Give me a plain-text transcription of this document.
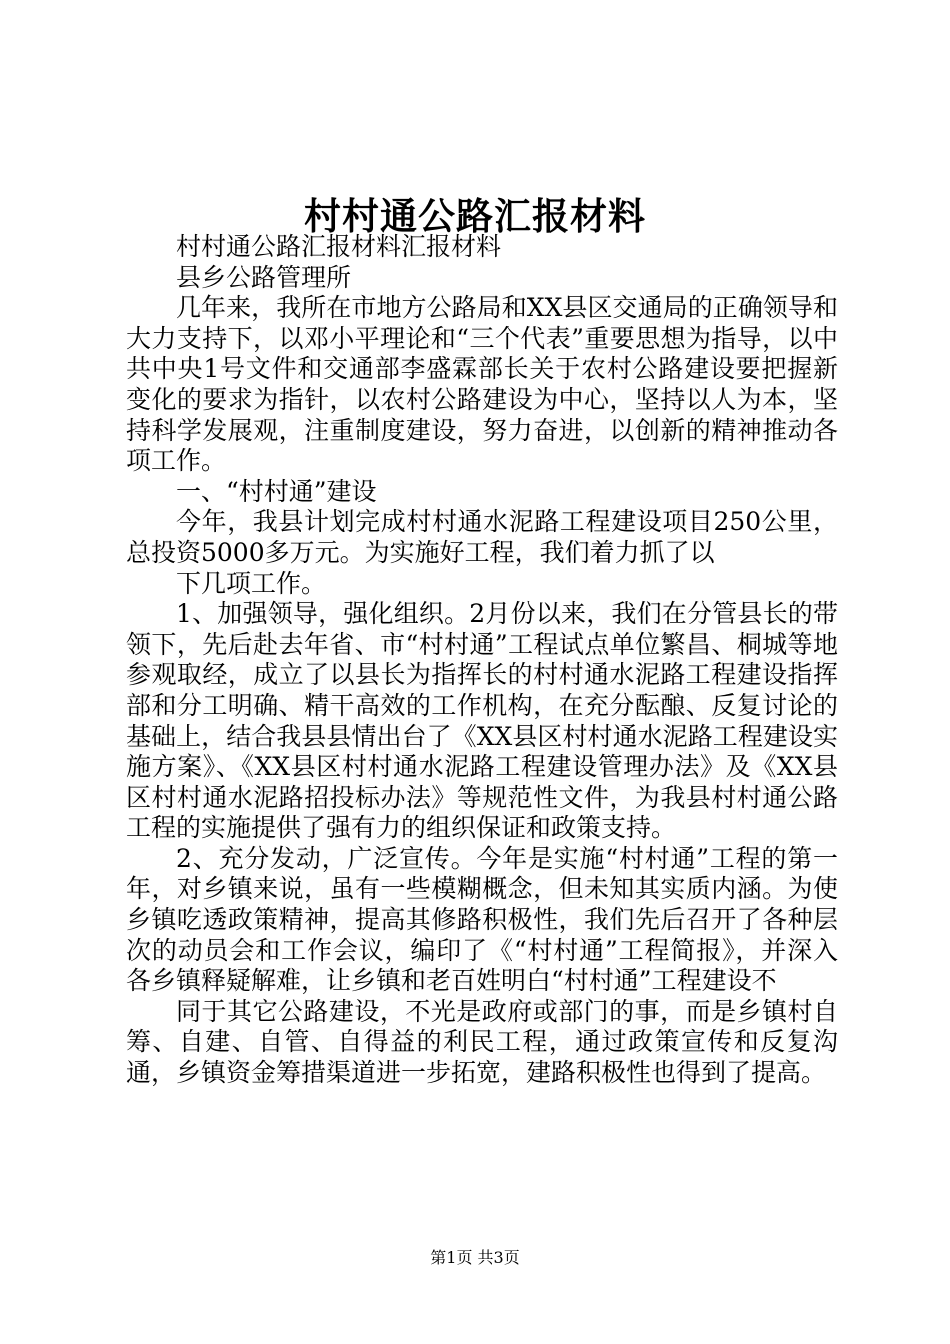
村村通公路汇报材料

村村通公路汇报材料汇报材料

县乡公路管理所

几年来，我所在市地方公路局和XX县区交通局的正确领导和大力支持下，以邓小平理论和“三个代表”重要思想为指导，以中共中央1号文件和交通部李盛霖部长关于农村公路建设要把握新变化的要求为指针，以农村公路建设为中心，坚持以人为本，坚持科学发展观，注重制度建设，努力奋进，以创新的精神推动各项工作。

一、“村村通”建设

今年，我县计划完成村村通水泥路工程建设项目250公里，总投资5000多万元。为实施好工程，我们着力抓了以

下几项工作。

1、加强领导，强化组织。2月份以来，我们在分管县长的带领下，先后赴去年省、市“村村通”工程试点单位繁昌、桐城等地参观取经，成立了以县长为指挥长的村村通水泥路工程建设指挥部和分工明确、精干高效的工作机构，在充分酝酿、反复讨论的基础上，结合我县县情出台了《XX县区村村通水泥路工程建设实施方案》、《XX县区村村通水泥路工程建设管理办法》及《XX县区村村通水泥路招投标办法》等规范性文件，为我县村村通公路工程的实施提供了强有力的组织保证和政策支持。

2、充分发动，广泛宣传。今年是实施“村村通”工程的第一年，对乡镇来说，虽有一些模糊概念，但未知其实质内涵。为使乡镇吃透政策精神，提高其修路积极性，我们先后召开了各种层次的动员会和工作会议，编印了《“村村通”工程简报》，并深入各乡镇释疑解难，让乡镇和老百姓明白“村村通”工程建设不

同于其它公路建设，不光是政府或部门的事，而是乡镇村自筹、自建、自管、自得益的利民工程，通过政策宣传和反复沟通，乡镇资金筹措渠道进一步拓宽，建路积极性也得到了提高。

第1页 共3页
